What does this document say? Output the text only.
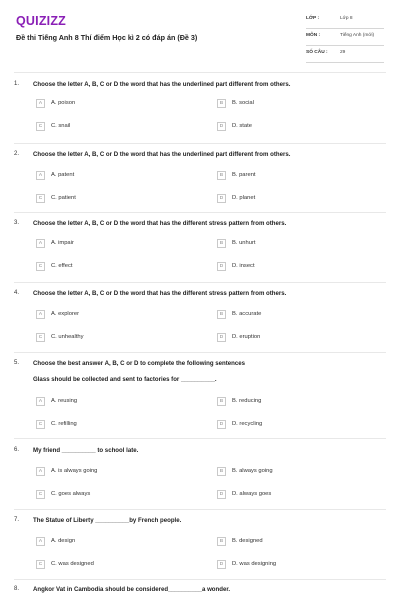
QUIZIZZ
Đề thi Tiếng Anh 8 Thí điểm Học kì 2 có đáp án (Đề 3)
LỚP :	Lớp 8
MÔN :	Tiếng Anh (mới)
SỐ CÂU :	29
1. Choose the letter A, B, C or D the word that has the underlined part different from others.
A	A. poison	B	B. social
C	C. snail	D	D. state
2. Choose the letter A, B, C or D the word that has the underlined part different from others.
A	A. patent	B	B. parent
C	C. patient	D	D. planet
3. Choose the letter A, B, C or D the word that has the different stress pattern from others.
A	A. impair	B	B. unhurt
C	C. effect	D	D. insect
4. Choose the letter A, B, C or D the word that has the different stress pattern from others.
A	A. explorer	B	B. accurate
C	C. unhealthy	D	D. eruption
5. Choose the best answer A, B, C or D to complete the following sentences
Glass should be collected and sent to factories for __________.
A	A. reusing	B	B. reducing
C	C. refilling	D	D. recycling
6. My friend __________ to school late.
A	A. is always going	B	B. always going
C	C. goes always	D	D. always goes
7. The Statue of Liberty __________by French people.
A	A. design	B	B. designed
C	C. was designed	D	D. was designing
8. Angkor Vat in Cambodia should be considered__________a wonder.
